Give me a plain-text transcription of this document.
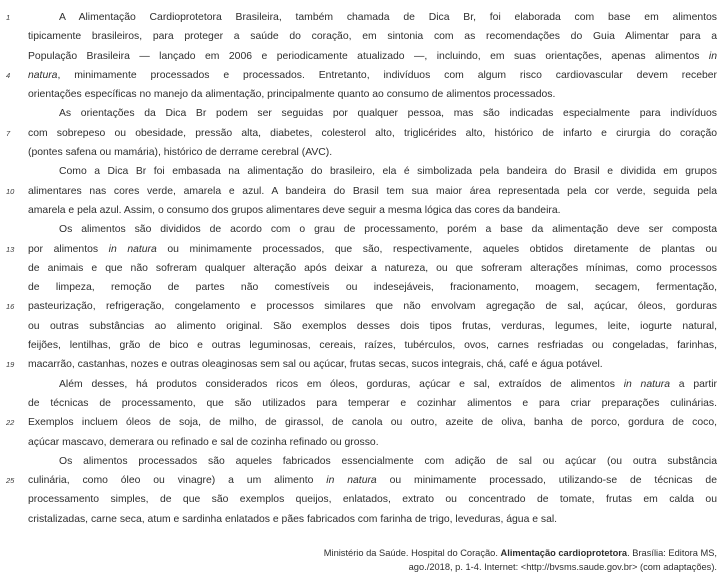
1	A Alimentação Cardioprotetora Brasileira, também chamada de Dica Br, foi elaborada com base em alimentos
tipicamente brasileiros, para proteger a saúde do coração, em sintonia com as recomendações do Guia Alimentar para a
População Brasileira — lançado em 2006 e periodicamente atualizado —, incluindo, em suas orientações, apenas alimentos in
4	natura, minimamente processados e processados. Entretanto, indivíduos com algum risco cardiovascular devem receber
orientações específicas no manejo da alimentação, principalmente quanto ao consumo de alimentos processados.
As orientações da Dica Br podem ser seguidas por qualquer pessoa, mas são indicadas especialmente para indivíduos
7	com sobrepeso ou obesidade, pressão alta, diabetes, colesterol alto, triglicérides alto, histórico de infarto e cirurgia do coração
(pontes safena ou mamária), histórico de derrame cerebral (AVC).
Como a Dica Br foi embasada na alimentação do brasileiro, ela é simbolizada pela bandeira do Brasil e dividida em grupos
10	alimentares nas cores verde, amarela e azul. A bandeira do Brasil tem sua maior área representada pela cor verde, seguida pela
amarela e pela azul. Assim, o consumo dos grupos alimentares deve seguir a mesma lógica das cores da bandeira.
Os alimentos são divididos de acordo com o grau de processamento, porém a base da alimentação deve ser composta
13	por alimentos in natura ou minimamente processados, que são, respectivamente, aqueles obtidos diretamente de plantas ou
de animais e que não sofreram qualquer alteração após deixar a natureza, ou que sofreram alterações mínimas, como processos
de limpeza, remoção de partes não comestíveis ou indesejáveis, fracionamento, moagem, secagem, fermentação,
16	pasteurização, refrigeração, congelamento e processos similares que não envolvam agregação de sal, açúcar, óleos, gorduras
ou outras substâncias ao alimento original. São exemplos desses dois tipos frutas, verduras, legumes, leite, iogurte natural,
feijões, lentilhas, grão de bico e outras leguminosas, cereais, raízes, tubérculos, ovos, carnes resfriadas ou congeladas, farinhas,
19	macarrão, castanhas, nozes e outras oleaginosas sem sal ou açúcar, frutas secas, sucos integrais, chá, café e água potável.
Além desses, há produtos considerados ricos em óleos, gorduras, açúcar e sal, extraídos de alimentos in natura a partir
de técnicas de processamento, que são utilizados para temperar e cozinhar alimentos e para criar preparações culinárias.
22	Exemplos incluem óleos de soja, de milho, de girassol, de canola ou outro, azeite de oliva, banha de porco, gordura de coco,
açúcar mascavo, demerara ou refinado e sal de cozinha refinado ou grosso.
Os alimentos processados são aqueles fabricados essencialmente com adição de sal ou açúcar (ou outra substância
25	culinária, como óleo ou vinagre) a um alimento in natura ou minimamente processado, utilizando-se de técnicas de
processamento simples, de que são exemplos queijos, enlatados, extrato ou concentrado de tomate, frutas em calda ou
cristalizadas, carne seca, atum e sardinha enlatados e pães fabricados com farinha de trigo, leveduras, água e sal.
Ministério da Saúde. Hospital do Coração. Alimentação cardioprotetora. Brasília: Editora MS,
ago./2018, p. 1-4. Internet: <http://bvsms.saude.gov.br> (com adaptações).
